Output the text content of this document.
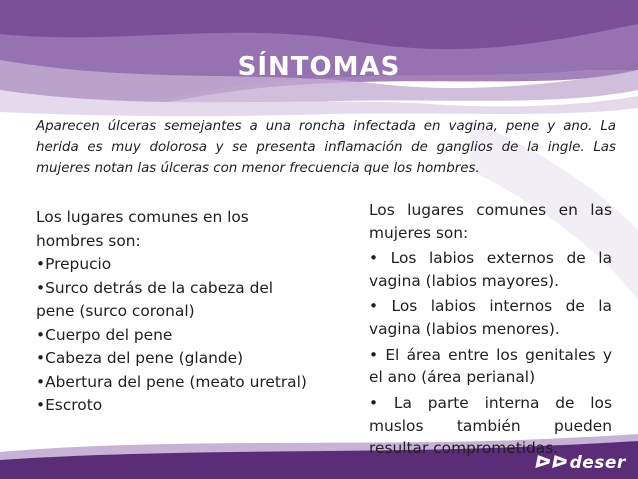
SÍNTOMAS
Aparecen úlceras semejantes a una roncha infectada en vagina, pene y ano. La herida es muy dolorosa y se presenta inflamación de ganglios de la ingle. Las mujeres notan las úlceras con menor frecuencia que los hombres.
Los lugares comunes en los
hombres son:
•Prepucio
•Surco detrás de la cabeza del
pene (surco coronal)
•Cuerpo del pene
•Cabeza del pene (glande)
•Abertura del pene (meato uretral)
•Escroto

Los lugares comunes en las mujeres son:

• Los labios externos de la vagina (labios mayores).

• Los labios internos de la vagina (labios menores).

• El área entre los genitales y el ano (área perianal)

• La parte interna de los muslos también pueden resultar comprometidas.

ᐅᐅdeser
